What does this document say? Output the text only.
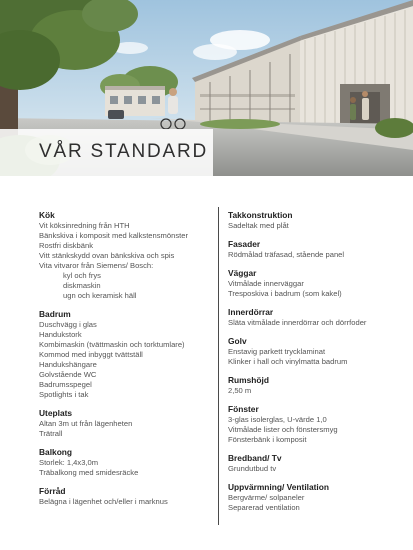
VÅR STANDARD
Kök
Vit köksinredning från HTH
Bänkskiva i komposit med kalkstensmönster
Rostfri diskbänk
Vitt stänkskydd ovan bänkskiva och spis
Vita vitvaror från Siemens/ Bosch:
kyl och frys
diskmaskin
ugn och keramisk häll
Badrum
Duschvägg i glas
Handukstork
Kombimaskin (tvättmaskin och torktumlare)
Kommod med inbyggt tvättställ
Handukshängare
Golvstående WC
Badrumsspegel
Spotlights i tak
Uteplats
Altan 3m ut från lägenheten
Trätrall
Balkong
Storlek: 1,4x3,0m
Träbalkong med smidesräcke
Förråd
Belägna i lägenhet och/eller i marknus
Takkonstruktion
Sadeltak med plåt
Fasader
Rödmålad träfasad, stående panel
Väggar
Vitmålade innerväggar
Tresposkiva i badrum (som kakel)
Innerdörrar
Släta vitmålade innerdörrar och dörrfoder
Golv
Enstavig parkett trycklaminat
Klinker i hall och vinylmatta badrum
Rumshöjd
2,50 m
Fönster
3-glas isolerglas, U-värde 1,0
Vitmålade lister och fönstersmyg
Fönsterbänk i komposit
Bredband/ Tv
Grundutbud tv
Uppvärmning/ Ventilation
Bergvärme/ solpaneler
Separerad ventilation
